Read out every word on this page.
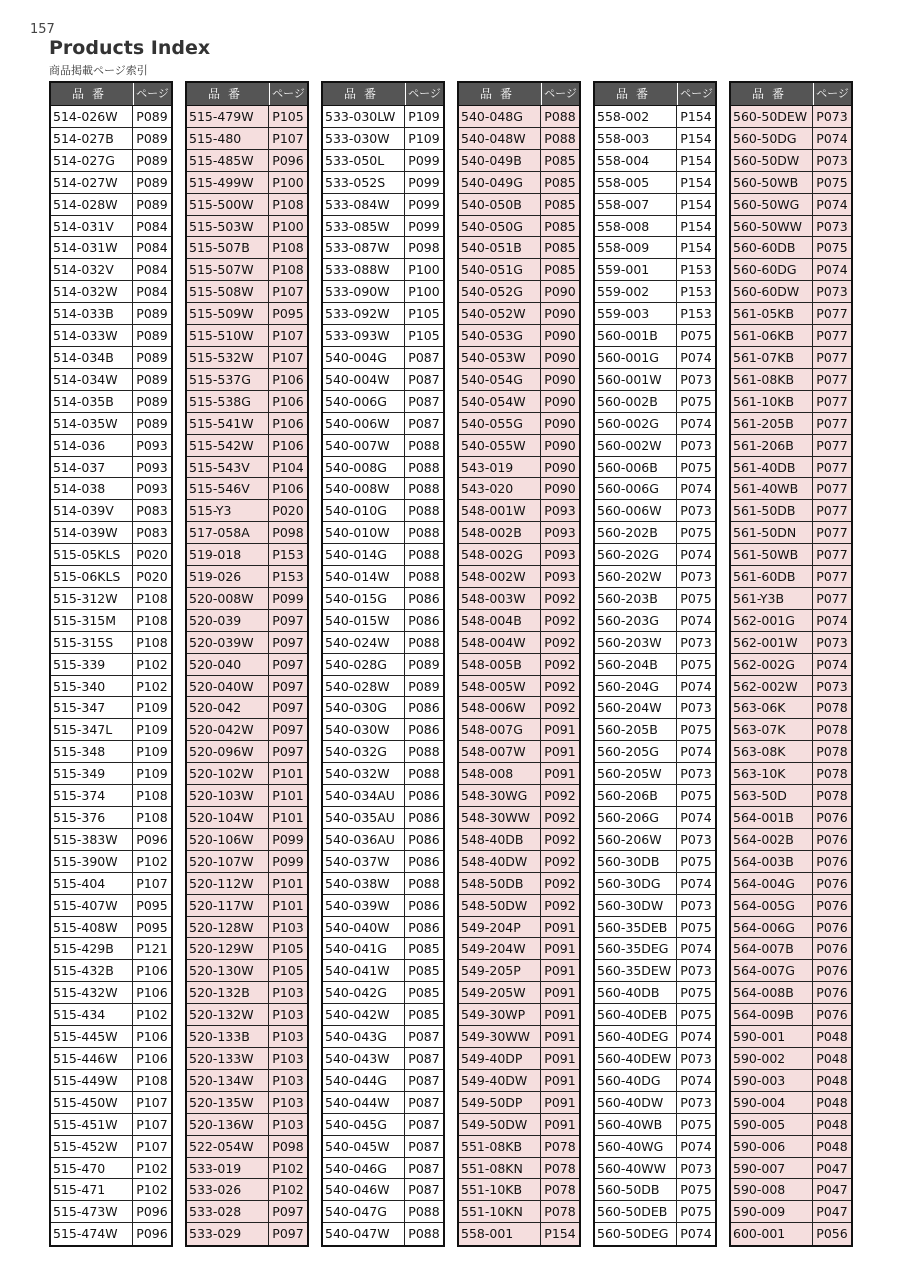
157
Products Index
商品掲載ページ索引
品番	ページ
514-026W	P089
514-027B	P089
514-027G	P089
514-027W	P089
514-028W	P089
514-031V	P084
514-031W	P084
514-032V	P084
514-032W	P084
514-033B	P089
514-033W	P089
514-034B	P089
514-034W	P089
514-035B	P089
514-035W	P089
514-036	P093
514-037	P093
514-038	P093
514-039V	P083
514-039W	P083
515-05KLS	P020
515-06KLS	P020
515-312W	P108
515-315M	P108
515-315S	P108
515-339	P102
515-340	P102
515-347	P109
515-347L	P109
515-348	P109
515-349	P109
515-374	P108
515-376	P108
515-383W	P096
515-390W	P102
515-404	P107
515-407W	P095
515-408W	P095
515-429B	P121
515-432B	P106
515-432W	P106
515-434	P102
515-445W	P106
515-446W	P106
515-449W	P108
515-450W	P107
515-451W	P107
515-452W	P107
515-470	P102
515-471	P102
515-473W	P096
515-474W	P096
品番	ページ
515-479W	P105
515-480	P107
515-485W	P096
515-499W	P100
515-500W	P108
515-503W	P100
515-507B	P108
515-507W	P108
515-508W	P107
515-509W	P095
515-510W	P107
515-532W	P107
515-537G	P106
515-538G	P106
515-541W	P106
515-542W	P106
515-543V	P104
515-546V	P106
515-Y3	P020
517-058A	P098
519-018	P153
519-026	P153
520-008W	P099
520-039	P097
520-039W	P097
520-040	P097
520-040W	P097
520-042	P097
520-042W	P097
520-096W	P097
520-102W	P101
520-103W	P101
520-104W	P101
520-106W	P099
520-107W	P099
520-112W	P101
520-117W	P101
520-128W	P103
520-129W	P105
520-130W	P105
520-132B	P103
520-132W	P103
520-133B	P103
520-133W	P103
520-134W	P103
520-135W	P103
520-136W	P103
522-054W	P098
533-019	P102
533-026	P102
533-028	P097
533-029	P097
品番	ページ
533-030LW	P109
533-030W	P109
533-050L	P099
533-052S	P099
533-084W	P099
533-085W	P099
533-087W	P098
533-088W	P100
533-090W	P100
533-092W	P105
533-093W	P105
540-004G	P087
540-004W	P087
540-006G	P087
540-006W	P087
540-007W	P088
540-008G	P088
540-008W	P088
540-010G	P088
540-010W	P088
540-014G	P088
540-014W	P088
540-015G	P086
540-015W	P086
540-024W	P088
540-028G	P089
540-028W	P089
540-030G	P086
540-030W	P086
540-032G	P088
540-032W	P088
540-034AU	P086
540-035AU	P086
540-036AU	P086
540-037W	P086
540-038W	P088
540-039W	P086
540-040W	P086
540-041G	P085
540-041W	P085
540-042G	P085
540-042W	P085
540-043G	P087
540-043W	P087
540-044G	P087
540-044W	P087
540-045G	P087
540-045W	P087
540-046G	P087
540-046W	P087
540-047G	P088
540-047W	P088
品番	ページ
540-048G	P088
540-048W	P088
540-049B	P085
540-049G	P085
540-050B	P085
540-050G	P085
540-051B	P085
540-051G	P085
540-052G	P090
540-052W	P090
540-053G	P090
540-053W	P090
540-054G	P090
540-054W	P090
540-055G	P090
540-055W	P090
543-019	P090
543-020	P090
548-001W	P093
548-002B	P093
548-002G	P093
548-002W	P093
548-003W	P092
548-004B	P092
548-004W	P092
548-005B	P092
548-005W	P092
548-006W	P092
548-007G	P091
548-007W	P091
548-008	P091
548-30WG	P092
548-30WW	P092
548-40DB	P092
548-40DW	P092
548-50DB	P092
548-50DW	P092
549-204P	P091
549-204W	P091
549-205P	P091
549-205W	P091
549-30WP	P091
549-30WW	P091
549-40DP	P091
549-40DW	P091
549-50DP	P091
549-50DW	P091
551-08KB	P078
551-08KN	P078
551-10KB	P078
551-10KN	P078
558-001	P154
品番	ページ
558-002	P154
558-003	P154
558-004	P154
558-005	P154
558-007	P154
558-008	P154
558-009	P154
559-001	P153
559-002	P153
559-003	P153
560-001B	P075
560-001G	P074
560-001W	P073
560-002B	P075
560-002G	P074
560-002W	P073
560-006B	P075
560-006G	P074
560-006W	P073
560-202B	P075
560-202G	P074
560-202W	P073
560-203B	P075
560-203G	P074
560-203W	P073
560-204B	P075
560-204G	P074
560-204W	P073
560-205B	P075
560-205G	P074
560-205W	P073
560-206B	P075
560-206G	P074
560-206W	P073
560-30DB	P075
560-30DG	P074
560-30DW	P073
560-35DEB	P075
560-35DEG P074
560-35DEW P073
560-40DB	P075
560-40DEB	P075
560-40DEG P074
560-40DEW P073
560-40DG	P074
560-40DW	P073
560-40WB	P075
560-40WG	P074
560-40WW	P073
560-50DB	P075
560-50DEB	P075
560-50DEG P074
品番	ページ
560-50DEW P073
560-50DG	P074
560-50DW	P073
560-50WB	P075
560-50WG	P074
560-50WW	P073
560-60DB	P075
560-60DG	P074
560-60DW	P073
561-05KB	P077
561-06KB	P077
561-07KB	P077
561-08KB	P077
561-10KB	P077
561-205B	P077
561-206B	P077
561-40DB	P077
561-40WB	P077
561-50DB	P077
561-50DN	P077
561-50WB	P077
561-60DB	P077
561-Y3B	P077
562-001G	P074
562-001W	P073
562-002G	P074
562-002W	P073
563-06K	P078
563-07K	P078
563-08K	P078
563-10K	P078
563-50D	P078
564-001B	P076
564-002B	P076
564-003B	P076
564-004G	P076
564-005G	P076
564-006G	P076
564-007B	P076
564-007G	P076
564-008B	P076
564-009B	P076
590-001	P048
590-002	P048
590-003	P048
590-004	P048
590-005	P048
590-006	P048
590-007	P047
590-008	P047
590-009	P047
600-001	P056
